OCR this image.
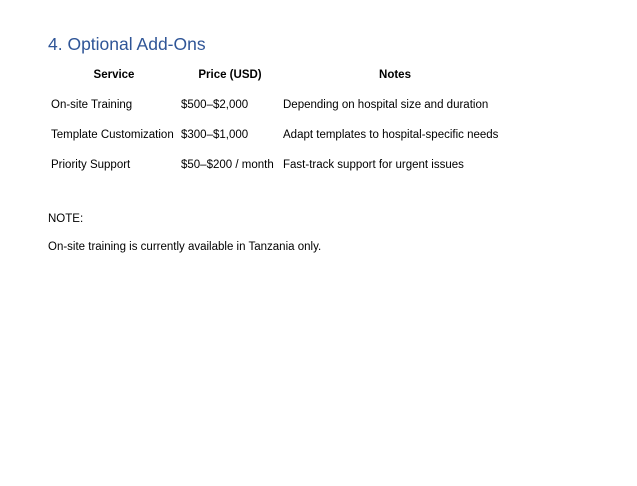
4. Optional Add-Ons
Service	Price (USD)	Notes
On-site Training	$500–$2,000	Depending on hospital size and duration
Template Customization $300–$1,000	Adapt templates to hospital-specific needs
Priority Support	$50–$200 / month Fast-track support for urgent issues
NOTE:
On-site training is currently available in Tanzania only.
